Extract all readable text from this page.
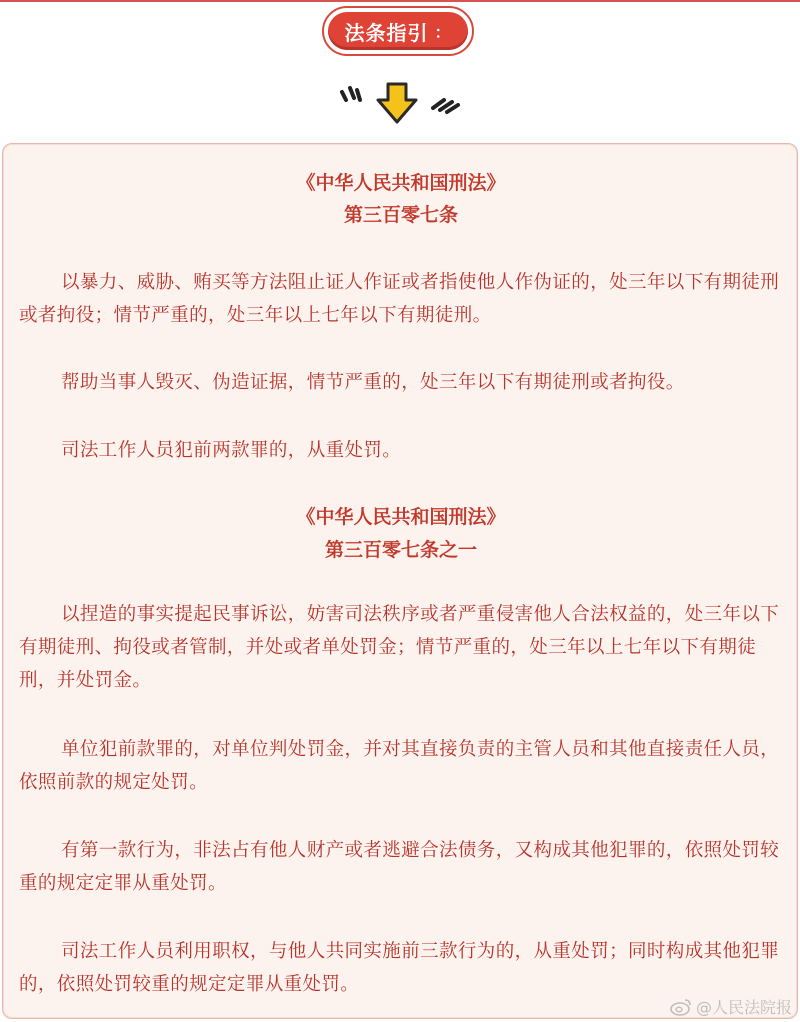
法条指引 ：
《中华人民共和国刑法》
第三百零七条

以暴力、威胁、贿买等方法阻止证人作证或者指使他人作伪证的，处三年以下有期徒刑或者拘役；情节严重的，处三年以上七年以下有期徒刑。

帮助当事人毁灭、伪造证据，情节严重的，处三年以下有期徒刑或者拘役。

司法工作人员犯前两款罪的，从重处罚。

《中华人民共和国刑法》
第三百零七条之一

以捏造的事实提起民事诉讼，妨害司法秩序或者严重侵害他人合法权益的，处三年以下有期徒刑、拘役或者管制，并处或者单处罚金；情节严重的，处三年以上七年以下有期徒刑，并处罚金。

单位犯前款罪的，对单位判处罚金，并对其直接负责的主管人员和其他直接责任人员，依照前款的规定处罚。

有第一款行为，非法占有他人财产或者逃避合法债务，又构成其他犯罪的，依照处罚较重的规定定罪从重处罚。

司法工作人员利用职权，与他人共同实施前三款行为的，从重处罚；同时构成其他犯罪的，依照处罚较重的规定定罪从重处罚。

@人民法院报
